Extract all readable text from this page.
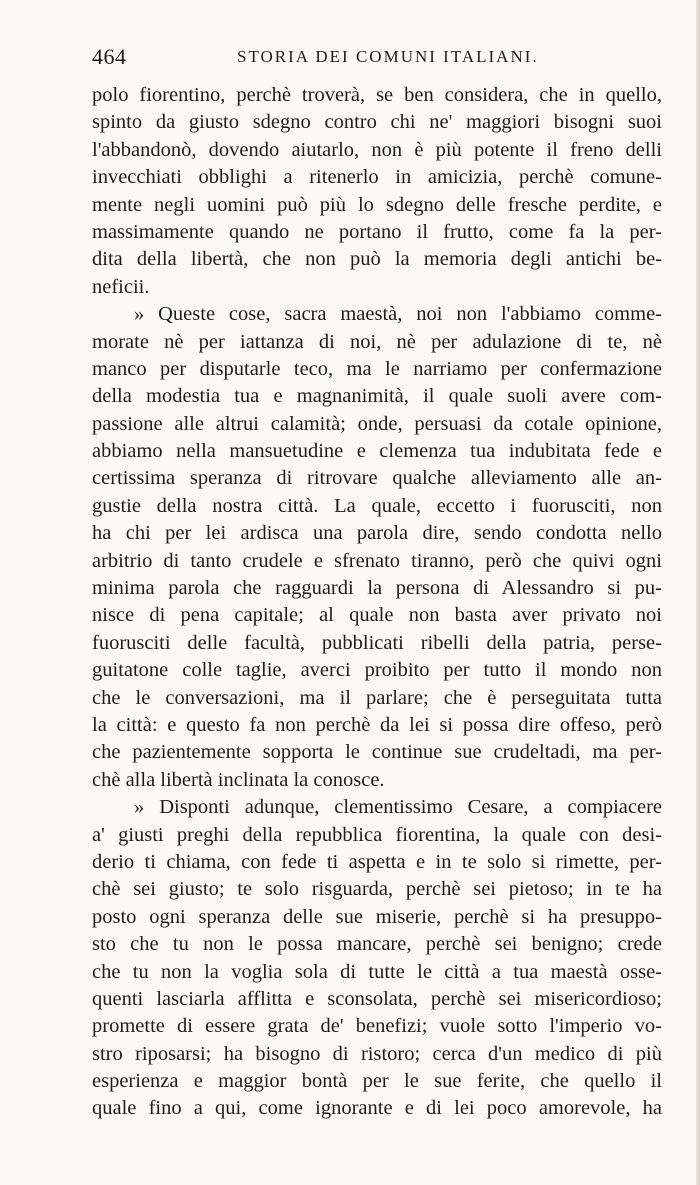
464	STORIA DEI COMUNI ITALIANI.
polo fiorentino, perchè troverà, se ben considera, che in quello,
spinto da giusto sdegno contro chi ne' maggiori bisogni suoi
l'abbandonò, dovendo aiutarlo, non è più potente il freno delli
invecchiati obblighi a ritenerlo in amicizia, perchè comune-
mente negli uomini può più lo sdegno delle fresche perdite, e
massimamente quando ne portano il frutto, come fa la per-
dita della libertà, che non può la memoria degli antichi be-
neficii.
» Queste cose, sacra maestà, noi non l'abbiamo comme-
morate nè per iattanza di noi, nè per adulazione di te, nè
manco per disputarle teco, ma le narriamo per confermazione
della modestia tua e magnanimità, il quale suoli avere com-
passione alle altrui calamità; onde, persuasi da cotale opinione,
abbiamo nella mansuetudine e clemenza tua indubitata fede e
certissima speranza di ritrovare qualche alleviamento alle an-
gustie della nostra città. La quale, eccetto i fuorusciti, non
ha chi per lei ardisca una parola dire, sendo condotta nello
arbitrio di tanto crudele e sfrenato tiranno, però che quivi ogni
minima parola che ragguardi la persona di Alessandro si pu-
nisce di pena capitale; al quale non basta aver privato noi
fuorusciti delle facultà, pubblicati ribelli della patria, perse-
guitatone colle taglie, averci proibito per tutto il mondo non
che le conversazioni, ma il parlare; che è perseguitata tutta
la città: e questo fa non perchè da lei si possa dire offeso, però
che pazientemente sopporta le continue sue crudeltadi, ma per-
chè alla libertà inclinata la conosce.
» Disponti adunque, clementissimo Cesare, a compiacere
a' giusti preghi della repubblica fiorentina, la quale con desi-
derio ti chiama, con fede ti aspetta e in te solo si rimette, per-
chè sei giusto; te solo risguarda, perchè sei pietoso; in te ha
posto ogni speranza delle sue miserie, perchè si ha presuppo-
sto che tu non le possa mancare, perchè sei benigno; crede
che tu non la voglia sola di tutte le città a tua maestà osse-
quenti lasciarla afflitta e sconsolata, perchè sei misericordioso;
promette di essere grata de' benefizi; vuole sotto l'imperio vo-
stro riposarsi; ha bisogno di ristoro; cerca d'un medico di più
esperienza e maggior bontà per le sue ferite, che quello il
quale fino a qui, come ignorante e di lei poco amorevole, ha
